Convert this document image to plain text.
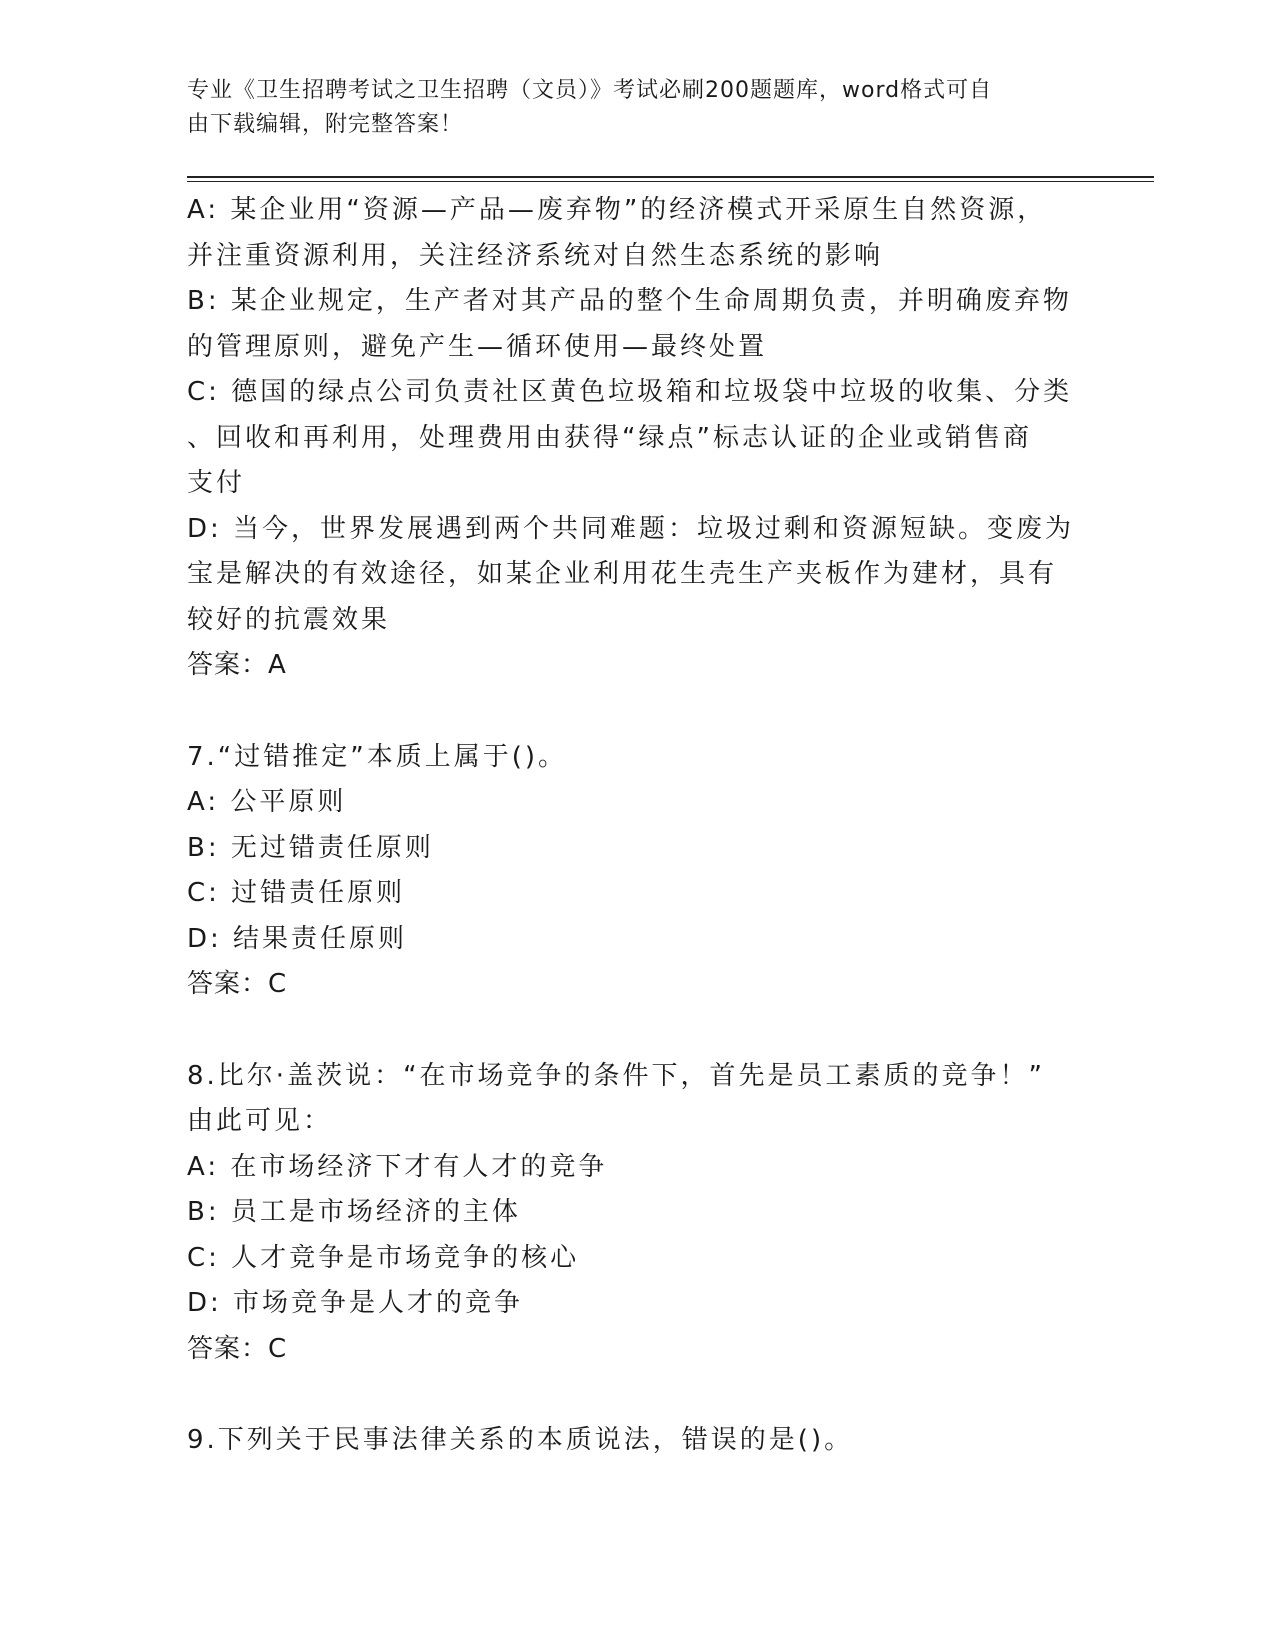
专业《卫生招聘考试之卫生招聘（文员）》考试必刷200题题库，word格式可自
由下载编辑，附完整答案！
A: 某企业用“资源—产品—废弃物”的经济模式开采原生自然资源，
并注重资源利用，关注经济系统对自然生态系统的影响
B: 某企业规定，生产者对其产品的整个生命周期负责，并明确废弃物
的管理原则，避免产生—循环使用—最终处置
C: 德国的绿点公司负责社区黄色垃圾箱和垃圾袋中垃圾的收集、分类
、回收和再利用，处理费用由获得“绿点”标志认证的企业或销售商
支付
D: 当今，世界发展遇到两个共同难题：垃圾过剩和资源短缺。变废为
宝是解决的有效途径，如某企业利用花生壳生产夹板作为建材，具有
较好的抗震效果
答案：A
7.“过错推定”本质上属于()。
A: 公平原则
B: 无过错责任原则
C: 过错责任原则
D: 结果责任原则
答案：C
8.比尔·盖茨说：“在市场竞争的条件下，首先是员工素质的竞争！”
由此可见：
A: 在市场经济下才有人才的竞争
B: 员工是市场经济的主体
C: 人才竞争是市场竞争的核心
D: 市场竞争是人才的竞争
答案：C
9.下列关于民事法律关系的本质说法，错误的是()。
